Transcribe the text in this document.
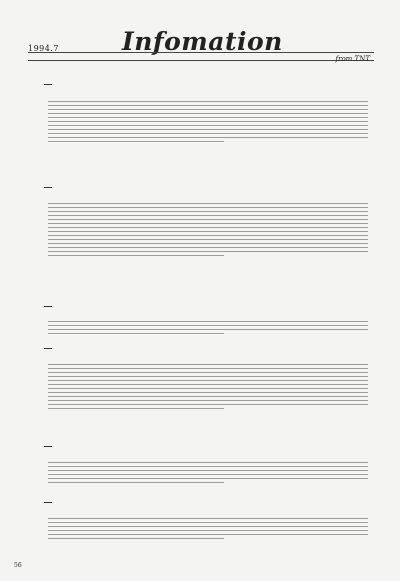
1994.7	Infomation
from TNT
56
